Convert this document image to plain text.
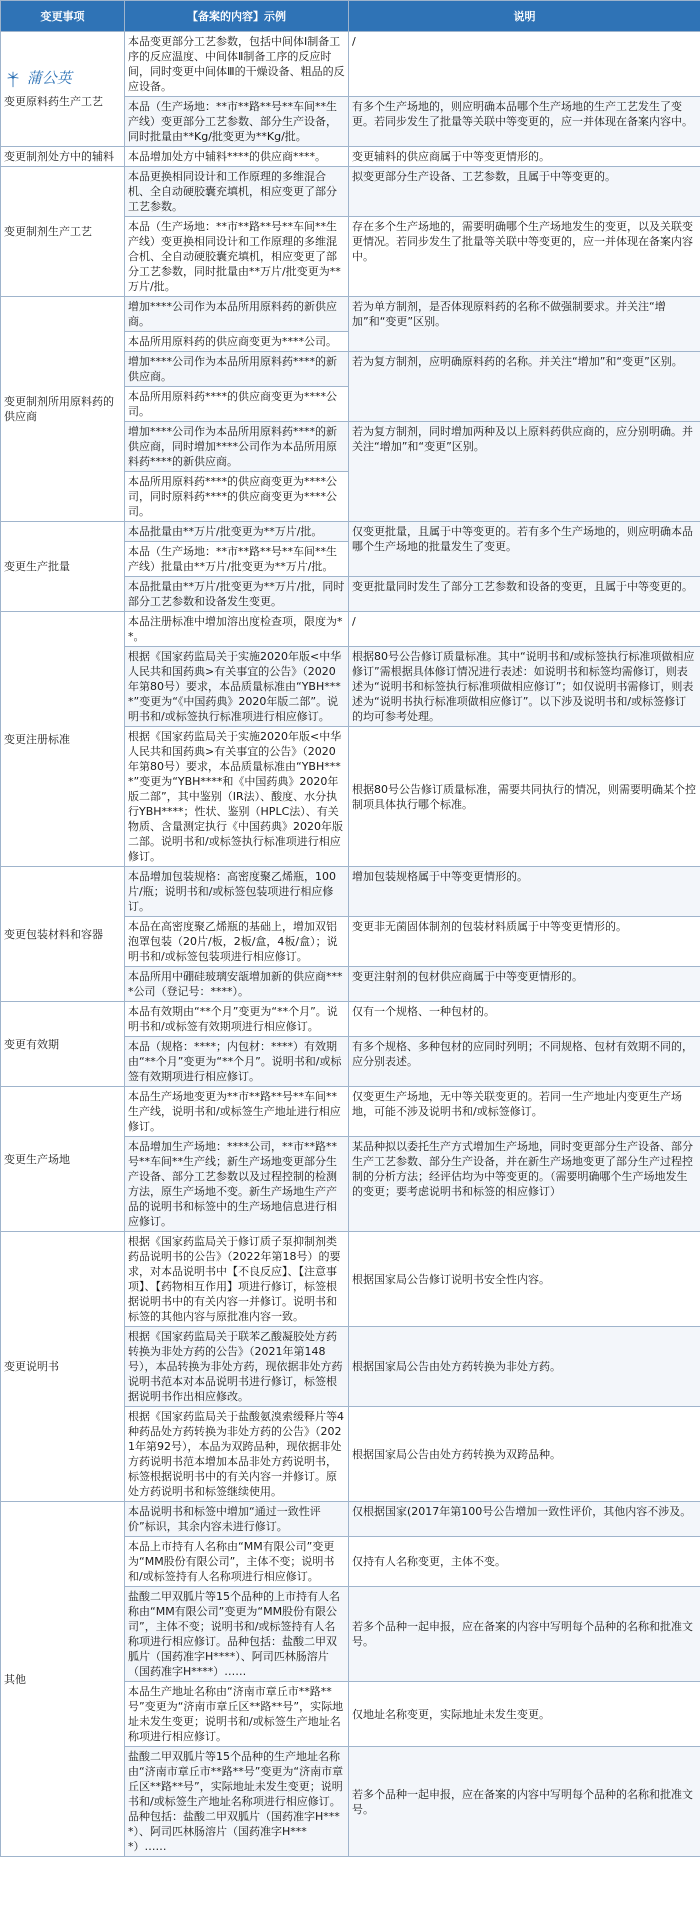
变更事项	【备案的内容】示例	说明

蒲公英
变更原料药生产工艺	本品变更部分工艺参数，包括中间体Ⅰ制备工序的反应温度、中间体Ⅱ制备工序的反应时间，同时变更中间体Ⅲ的干燥设备、粗品的反应设备。	/
	本品（生产场地：**市**路**号**车间**生产线）变更部分工艺参数、部分生产设备，同时批量由**Kg/批变更为**Kg/批。	有多个生产场地的，则应明确本品哪个生产场地的生产工艺发生了变更。若同步发生了批量等关联中等变更的，应一并体现在备案内容中。
变更制剂处方中的辅料	本品增加处方中辅料****的供应商****。	变更辅料的供应商属于中等变更情形的。
变更制剂生产工艺	本品更换相同设计和工作原理的多维混合机、全自动硬胶囊充填机，相应变更了部分工艺参数。	拟变更部分生产设备、工艺参数，且属于中等变更的。
	本品（生产场地：**市**路**号**车间**生产线）变更换相同设计和工作原理的多维混合机、全自动硬胶囊充填机，相应变更了部分工艺参数，同时批量由**万片/批变更为**万片/批。	存在多个生产场地的，需要明确哪个生产场地发生的变更，以及关联变更情况。若同步发生了批量等关联中等变更的，应一并体现在备案内容中。
变更制剂所用原料药的供应商	增加****公司作为本品所用原料药的新供应商。	若为单方制剂，是否体现原料药的名称不做强制要求。并关注“增加”和“变更”区别。
	本品所用原料药的供应商变更为****公司。	
	增加****公司作为本品所用原料药****的新供应商。	若为复方制剂，应明确原料药的名称。并关注“增加”和“变更”区别。
	本品所用原料药****的供应商变更为****公司。	
	增加****公司作为本品所用原料药****的新供应商，同时增加****公司作为本品所用原料药****的新供应商。	若为复方制剂，同时增加两种及以上原料药供应商的，应分别明确。并关注“增加”和“变更”区别。
	本品所用原料药****的供应商变更为****公司，同时原料药****的供应商变更为****公司。	
变更生产批量	本品批量由**万片/批变更为**万片/批。	仅变更批量，且属于中等变更的。若有多个生产场地的，则应明确本品哪个生产场地的批量发生了变更。
	本品（生产场地：**市**路**号**车间**生产线）批量由**万片/批变更为**万片/批。	
	本品批量由**万片/批变更为**万片/批，同时部分工艺参数和设备发生变更。	变更批量同时发生了部分工艺参数和设备的变更，且属于中等变更的。
变更注册标准	本品注册标准中增加溶出度检查项，限度为**。	/
	根据《国家药监局关于实施2020年版<中华人民共和国药典>有关事宜的公告》（2020年第80号）要求，本品质量标准由“YBH****”变更为“《中国药典》2020年版二部”。说明书和/或标签执行标准项进行相应修订。	根据80号公告修订质量标准。其中“说明书和/或标签执行标准项做相应修订”需根据具体修订情况进行表述：如说明书和标签均需修订，则表述为“说明书和标签执行标准项做相应修订”；如仅说明书需修订，则表述为“说明书执行标准项做相应修订”。以下涉及说明书和/或标签修订的均可参考处理。
	根据《国家药监局关于实施2020年版<中华人民共和国药典>有关事宜的公告》（2020年第80号）要求，本品质量标准由“YBH****”变更为“YBH****和《中国药典》2020年版二部”，其中鉴别（IR法）、酸度、水分执行YBH****；性状、鉴别（HPLC法）、有关物质、含量测定执行《中国药典》2020年版二部。说明书和/或标签执行标准项进行相应修订。	根据80号公告修订质量标准，需要共同执行的情况，则需要明确某个控制项具体执行哪个标准。
变更包装材料和容器	本品增加包装规格：高密度聚乙烯瓶，100片/瓶；说明书和/或标签包装项进行相应修订。	增加包装规格属于中等变更情形的。
	本品在高密度聚乙烯瓶的基础上，增加双铝泡罩包装（20片/板，2板/盒，4板/盒）；说明书和/或标签包装项进行相应修订。	变更非无菌固体制剂的包装材料质属于中等变更情形的。
	本品所用中硼硅玻璃安瓿增加新的供应商****公司（登记号：****）。	变更注射剂的包材供应商属于中等变更情形的。
变更有效期	本品有效期由“**个月”变更为“**个月”。说明书和/或标签有效期项进行相应修订。	仅有一个规格、一种包材的。
	本品（规格：****；内包材：****）有效期由“**个月”变更为“**个月”。说明书和/或标签有效期项进行相应修订。	有多个规格、多种包材的应同时列明；不同规格、包材有效期不同的，应分别表述。
变更生产场地	本品生产场地变更为**市**路**号**车间**生产线，说明书和/或标签生产地址进行相应修订。	仅变更生产场地，无中等关联变更的。若同一生产地址内变更生产场地，可能不涉及说明书和/或标签修订。
	本品增加生产场地：****公司，**市**路**号**车间**生产线；新生产场地变更部分生产设备、部分工艺参数以及过程控制的检测方法，原生产场地不变。新生产场地生产产品的说明书和标签中的生产场地信息进行相应修订。	某品种拟以委托生产方式增加生产场地，同时变更部分生产设备、部分生产工艺参数、部分生产设备，并在新生产场地变更了部分生产过程控制的分析方法；经评估均为中等变更的。（需要明确哪个生产场地发生的变更；要考虑说明书和标签的相应修订）
变更说明书	根据《国家药监局关于修订质子泵抑制剂类药品说明书的公告》（2022年第18号）的要求，对本品说明书中【不良反应】、【注意事项】、【药物相互作用】项进行修订，标签根据说明书中的有关内容一并修订。说明书和标签的其他内容与原批准内容一致。	根据国家局公告修订说明书安全性内容。
	根据《国家药监局关于联苯乙酸凝胶处方药转换为非处方药的公告》（2021年第148号），本品转换为非处方药，现依据非处方药说明书范本对本品说明书进行修订，标签根据说明书作出相应修改。	根据国家局公告由处方药转换为非处方药。
	根据《国家药监局关于盐酸氨溴索缓释片等4种药品处方药转换为非处方药的公告》（2021年第92号），本品为双跨品种，现依据非处方药说明书范本增加本品非处方药说明书，标签根据说明书中的有关内容一并修订。原处方药说明书和标签继续使用。	根据国家局公告由处方药转换为双跨品种。
其他	本品说明书和标签中增加“通过一致性评价”标识，其余内容未进行修订。	仅根据国家(2017年第100号公告增加一致性评价，其他内容不涉及。
	本品上市持有人名称由“MM有限公司”变更为“MM股份有限公司”，主体不变；说明书和/或标签持有人名称项进行相应修订。	仅持有人名称变更，主体不变。
	盐酸二甲双胍片等15个品种的上市持有人名称由“MM有限公司”变更为“MM股份有限公司”，主体不变；说明书和/或标签持有人名称项进行相应修订。品种包括：盐酸二甲双胍片（国药准字H****）、阿司匹林肠溶片（国药准字H****）……	若多个品种一起申报，应在备案的内容中写明每个品种的名称和批准文号。
	本品生产地址名称由“济南市章丘市**路**号”变更为“济南市章丘区**路**号”，实际地址未发生变更；说明书和/或标签生产地址名称项进行相应修订。	仅地址名称变更，实际地址未发生变更。
	盐酸二甲双胍片等15个品种的生产地址名称由“济南市章丘市**路**号”变更为“济南市章丘区**路**号”，实际地址未发生变更；说明书和/或标签生产地址名称项进行相应修订。品种包括：盐酸二甲双胍片（国药准字H****）、阿司匹林肠溶片（国药准字H****）……	若多个品种一起申报，应在备案的内容中写明每个品种的名称和批准文号。
